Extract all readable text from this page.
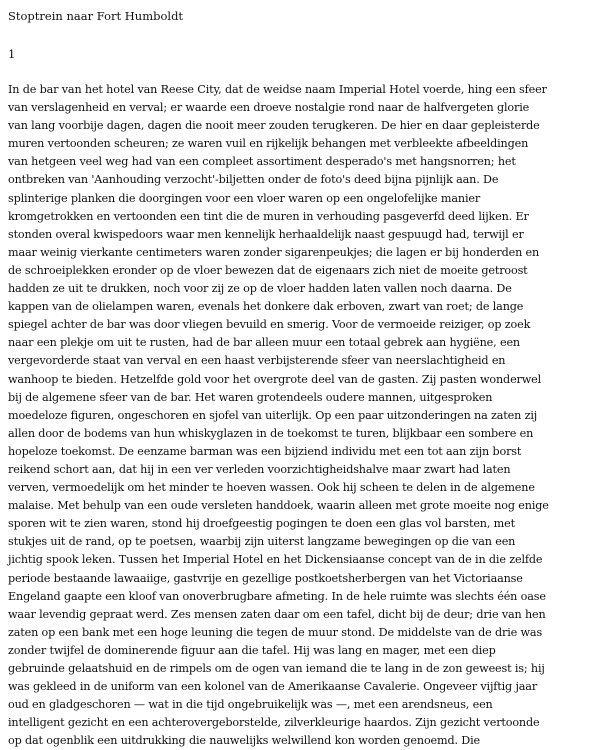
Stoptrein naar Fort Humboldt
1
In de bar van het hotel van Reese City, dat de weidse naam Imperial Hotel voerde, hing een sfeer
van verslagenheid en verval; er waarde een droeve nostalgie rond naar de halfvergeten glorie
van lang voorbije dagen, dagen die nooit meer zouden terugkeren. De hier en daar gepleisterde
muren vertoonden scheuren; ze waren vuil en rijkelijk behangen met verbleekte afbeeldingen
van hetgeen veel weg had van een compleet assortiment desperado's met hangsnorren; het
ontbreken van 'Aanhouding verzocht'-biljetten onder de foto's deed bijna pijnlijk aan. De
splinterige planken die doorgingen voor een vloer waren op een ongelofelijke manier
kromgetrokken en vertoonden een tint die de muren in verhouding pasgeverfd deed lijken. Er
stonden overal kwispedoors waar men kennelijk herhaaldelijk naast gespuugd had, terwijl er
maar weinig vierkante centimeters waren zonder sigarenpeukjes; die lagen er bij honderden en
de schroeiplekken eronder op de vloer bewezen dat de eigenaars zich niet de moeite getroost
hadden ze uit te drukken, noch voor zij ze op de vloer hadden laten vallen noch daarna. De
kappen van de olielampen waren, evenals het donkere dak erboven, zwart van roet; de lange
spiegel achter de bar was door vliegen bevuild en smerig. Voor de vermoeide reiziger, op zoek
naar een plekje om uit te rusten, had de bar alleen muur een totaal gebrek aan hygiëne, een
vergevorderde staat van verval en een haast verbijsterende sfeer van neerslachtigheid en
wanhoop te bieden. Hetzelfde gold voor het overgrote deel van de gasten. Zij pasten wonderwel
bij de algemene sfeer van de bar. Het waren grotendeels oudere mannen, uitgesproken
moedeloze figuren, ongeschoren en sjofel van uiterlijk. Op een paar uitzonderingen na zaten zij
allen door de bodems van hun whiskyglazen in de toekomst te turen, blijkbaar een sombere en
hopeloze toekomst. De eenzame barman was een bijziend individu met een tot aan zijn borst
reikend schort aan, dat hij in een ver verleden voorzichtigheidshalve maar zwart had laten
verven, vermoedelijk om het minder te hoeven wassen. Ook hij scheen te delen in de algemene
malaise. Met behulp van een oude versleten handdoek, waarin alleen met grote moeite nog enige
sporen wit te zien waren, stond hij droefgeestig pogingen te doen een glas vol barsten, met
stukjes uit de rand, op te poetsen, waarbij zijn uiterst langzame bewegingen op die van een
jichtig spook leken. Tussen het Imperial Hotel en het Dickensiaanse concept van de in die zelfde
periode bestaande lawaaiige, gastvrije en gezellige postkoetsherbergen van het Victoriaanse
Engeland gaapte een kloof van onoverbrugbare afmeting. In de hele ruimte was slechts één oase
waar levendig gepraat werd. Zes mensen zaten daar om een tafel, dicht bij de deur; drie van hen
zaten op een bank met een hoge leuning die tegen de muur stond. De middelste van de drie was
zonder twijfel de dominerende figuur aan die tafel. Hij was lang en mager, met een diep
gebruinde gelaatshuid en de rimpels om de ogen van iemand die te lang in de zon geweest is; hij
was gekleed in de uniform van een kolonel van de Amerikaanse Cavalerie. Ongeveer vijftig jaar
oud en gladgeschoren — wat in die tijd ongebruikelijk was —, met een arendsneus, een
intelligent gezicht en een achterovergeborstelde, zilverkleurige haardos. Zijn gezicht vertoonde
op dat ogenblik een uitdrukking die nauwelijks welwillend kon worden genoemd. Die
